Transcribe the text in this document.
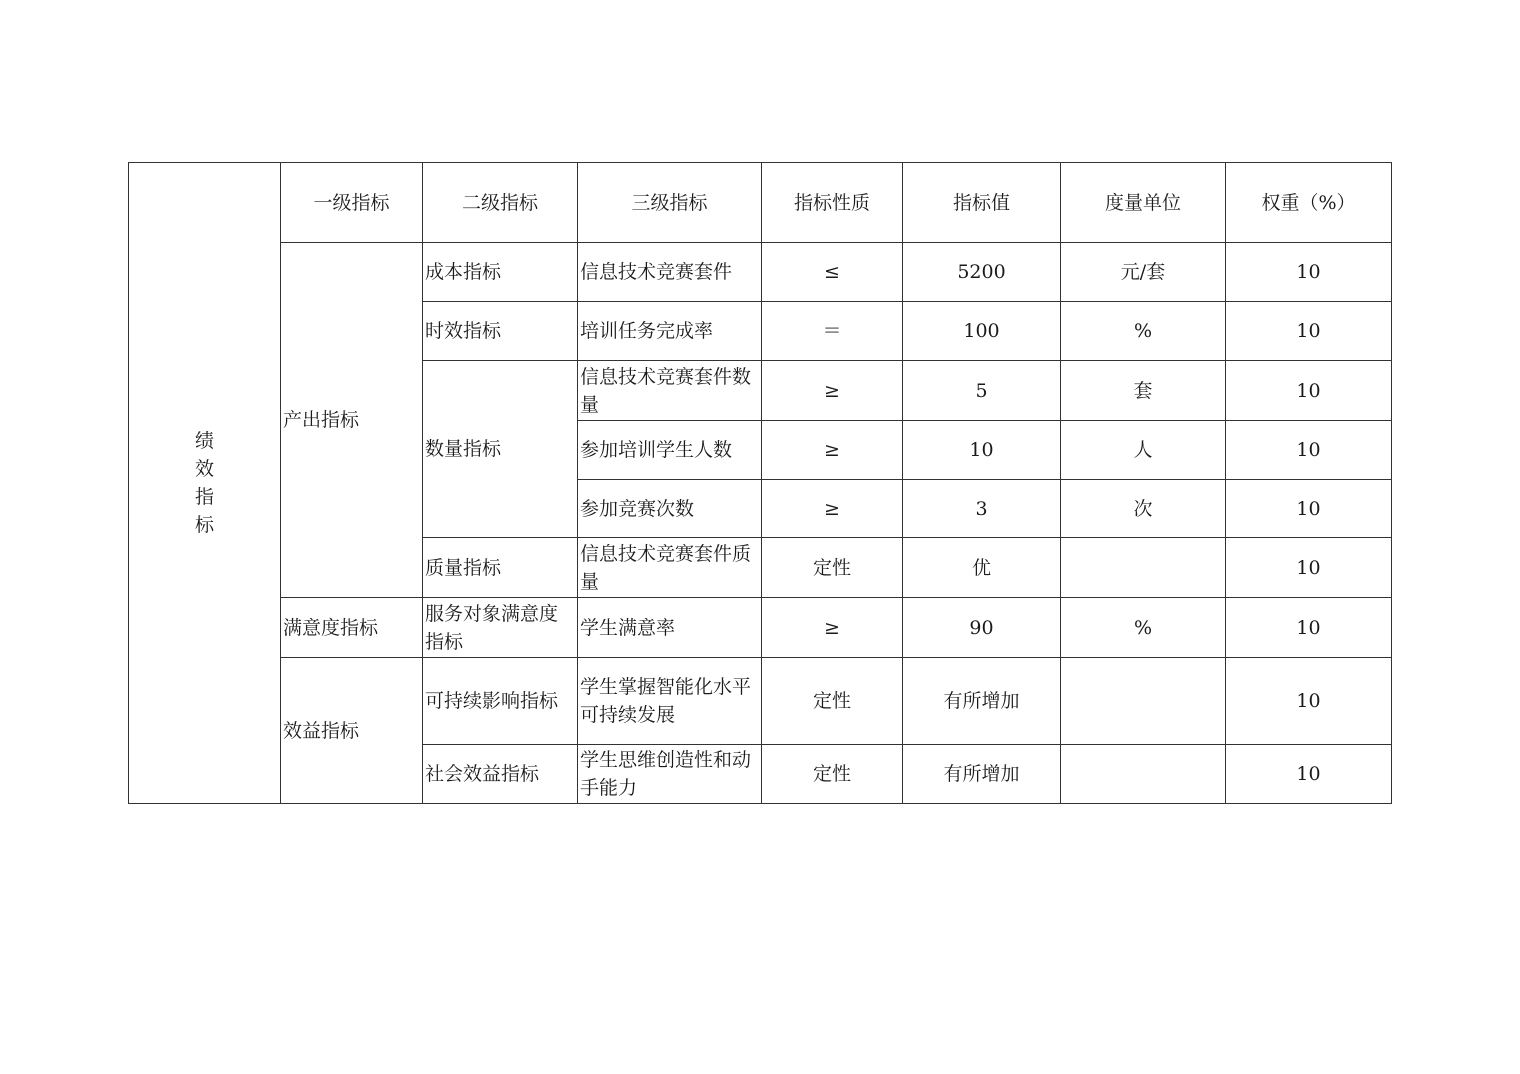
绩
效
指
标	一级指标	二级指标	三级指标	指标性质	指标值	度量单位	权重（%）
	产出指标	成本指标	信息技术竞赛套件	≤	5200	元/套	10
		时效指标	培训任务完成率	＝	100	%	10
		数量指标	信息技术竞赛套件数量	≥	5	套	10
			参加培训学生人数	≥	10	人	10
			参加竞赛次数	≥	3	次	10
		质量指标	信息技术竞赛套件质量	定性	优		10
	满意度指标	服务对象满意度指标	学生满意率	≥	90	%	10
	效益指标	可持续影响指标	学生掌握智能化水平可持续发展	定性	有所增加		10
		社会效益指标	学生思维创造性和动手能力	定性	有所增加		10
